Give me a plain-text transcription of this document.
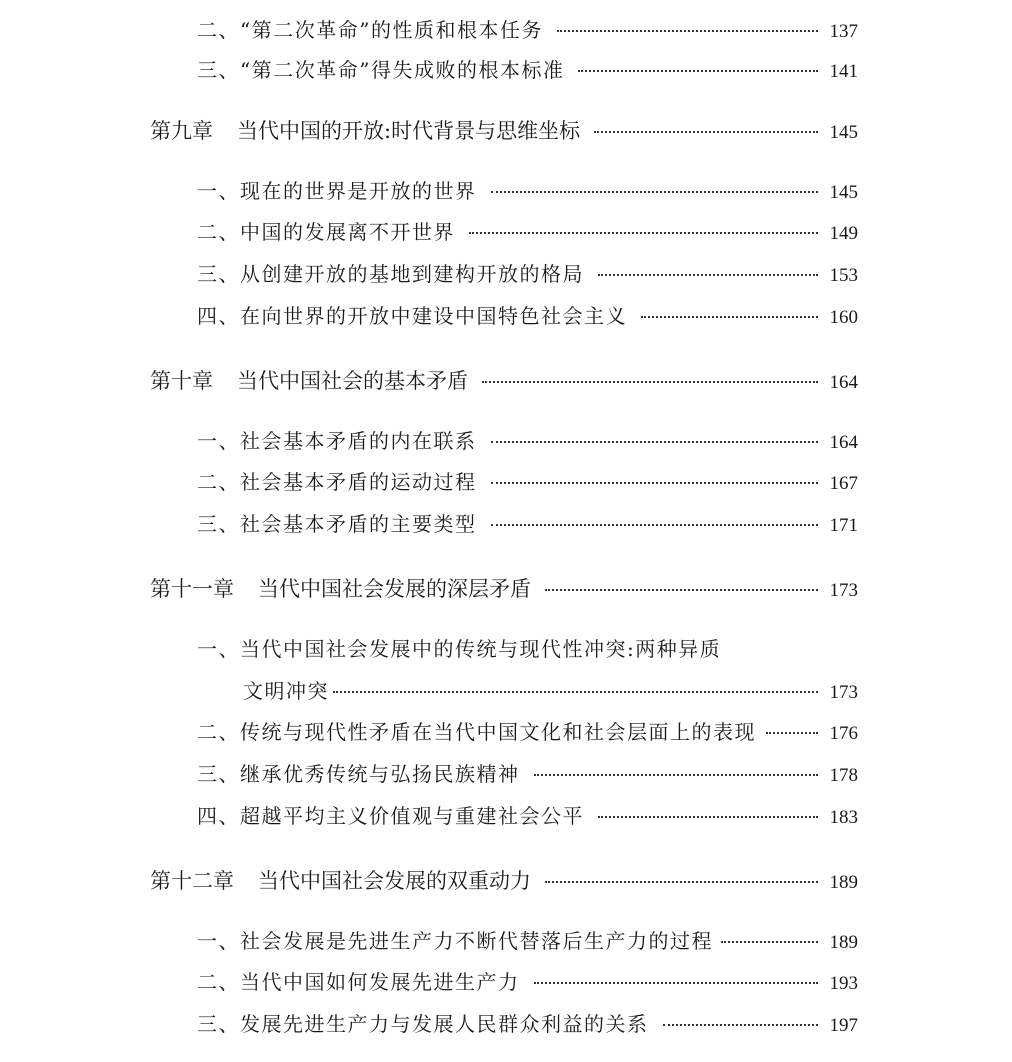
二、“第二次革命”的性质和根本任务	137
三、“第二次革命”得失成败的根本标准	141
第九章 当代中国的开放:时代背景与思维坐标	145
一、现在的世界是开放的世界	145
二、中国的发展离不开世界	149
三、从创建开放的基地到建构开放的格局	153
四、在向世界的开放中建设中国特色社会主义	160
第十章 当代中国社会的基本矛盾	164
一、社会基本矛盾的内在联系	164
二、社会基本矛盾的运动过程	167
三、社会基本矛盾的主要类型	171
第十一章 当代中国社会发展的深层矛盾	173
一、当代中国社会发展中的传统与现代性冲突:两种异质
文明冲突	173
二、传统与现代性矛盾在当代中国文化和社会层面上的表现	176
三、继承优秀传统与弘扬民族精神	178
四、超越平均主义价值观与重建社会公平	183
第十二章 当代中国社会发展的双重动力	189
一、社会发展是先进生产力不断代替落后生产力的过程	189
二、当代中国如何发展先进生产力	193
三、发展先进生产力与发展人民群众利益的关系	197
